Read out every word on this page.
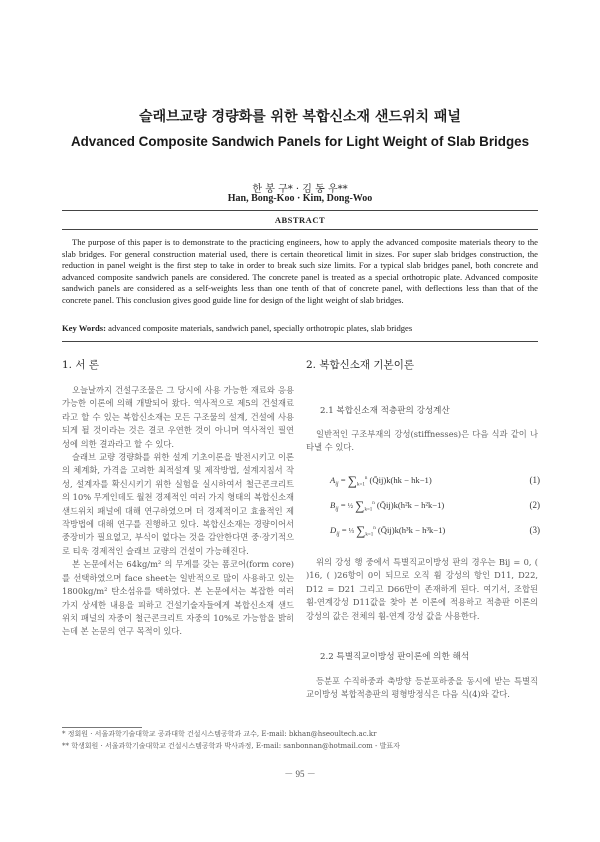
슬래브교량 경량화를 위한 복합신소재 샌드위치 패널
Advanced Composite Sandwich Panels for Light Weight of Slab Bridges
한 봉 구* · 김 동 우**
Han, Bong-Koo · Kim, Dong-Woo
ABSTRACT
The purpose of this paper is to demonstrate to the practicing engineers, how to apply the advanced composite materials theory to the slab bridges. For general construction material used, there is certain theoretical limit in sizes. For super slab bridges construction, the reduction in panel weight is the first step to take in order to break such size limits. For a typical slab bridges panel, both concrete and advanced composite sandwich panels are considered. The concrete panel is treated as a special orthotropic plate. Advanced composite sandwich panels are considered as a self-weights less than one tenth of that of concrete panel, with deflections less than that of the concrete panel. This conclusion gives good guide line for design of the light weight of slab bridges.
Key Words: advanced composite materials, sandwich panel, specially orthotropic plates, slab bridges
1. 서 론

오늘날까지 건설구조물은 그 당시에 사용 가능한 재료와 응용 가능한 이론에 의해 개발되어 왔다. 역사적으로 제5의 건설재료라고 할 수 있는 복합신소재는 모든 구조물의 설계, 건설에 사용되게 될 것이라는 것은 결코 우연한 것이 아니며 역사적인 필연성에 의한 결과라고 할 수 있다.

슬래브 교량 경량화를 위한 설계 기초이론을 발전시키고 이론의 체계화, 가격을 고려한 최적설계 및 제작방법, 설계지침서 작성, 설계자를 확신시키기 위한 실험을 실시하여서 철근콘크리트의 10% 무게인데도 월천 경제적인 여러 가지 형태의 복합신소재 샌드위치 패널에 대해 연구하였으며 더 경제적이고 효율적인 제작방법에 대해 연구를 진행하고 있다. 복합신소재는 경량이어서 중장비가 필요없고, 부식이 없다는 것을 감안한다면 중·장기적으로 티욱 경제적인 슬래브 교량의 건설이 가능해진다.

본 논문에서는 64kg/m² 의 무게를 갖는 폼코어(form core)를 선택하였으며 face sheet는 일반적으로 많이 사용하고 있는 1800kg/m² 탄소섬유를 택하였다. 본 논문에서는 복잡한 여러 가지 상세한 내용을 피하고 건설기술자들에게 복합신소재 샌드위치 패널의 자중이 철근콘크리트 자중의 10%로 가능함을 밝히는데 본 논문의 연구 목적이 있다.

2. 복합신소재 기본이론
2.1 복합신소재 적층판의 강성계산

일반적인 구조부재의 강성(stiffnesses)은 다음 식과 같이 나타낼 수 있다.

$A_{ij} = \sum_{k=1}^n$ (Q̄ij)k(hk − hk−1)	(1)
$B_{ij}$ = ½ $\sum_{k=1}^n$ (Q̄ij)k(h²k − h²k−1)	(2)
$D_{ij}$ = ⅓ $\sum_{k=1}^n$ (Q̄ij)k(h³k − h³k−1)	(3)

위의 강성 행 중에서 특별직교이방성 판의 경우는 Bij = 0, ( )16, ( )26항이 0이 되므로 오직 휨 강성의 항인 D11, D22, D12 = D21 그리고 D66만이 존재하게 된다. 여기서, 조합된 휨-연계강성 D11값을 찾아 본 이론에 적용하고 적층판 이론의 강성의 값은 전체의 휨-연계 강성 값을 사용한다.

2.2 특별직교이방성 판이론에 의한 해석

등분포 수직하중과 축방향 등분포하중을 동시에 받는 특별직교이방성 복합적층판의 평형방정식은 다음 식(4)와 같다.

* 정회원 · 서울과학기술대학교 공과대학 건설시스템공학과 교수, E-mail: bkhan@hseoultech.ac.kr
** 학생회원 · 서울과학기술대학교 건설시스템공학과 박사과정, E-mail: sanbonnan@hotmail.com - 발표자
－ 95 －
